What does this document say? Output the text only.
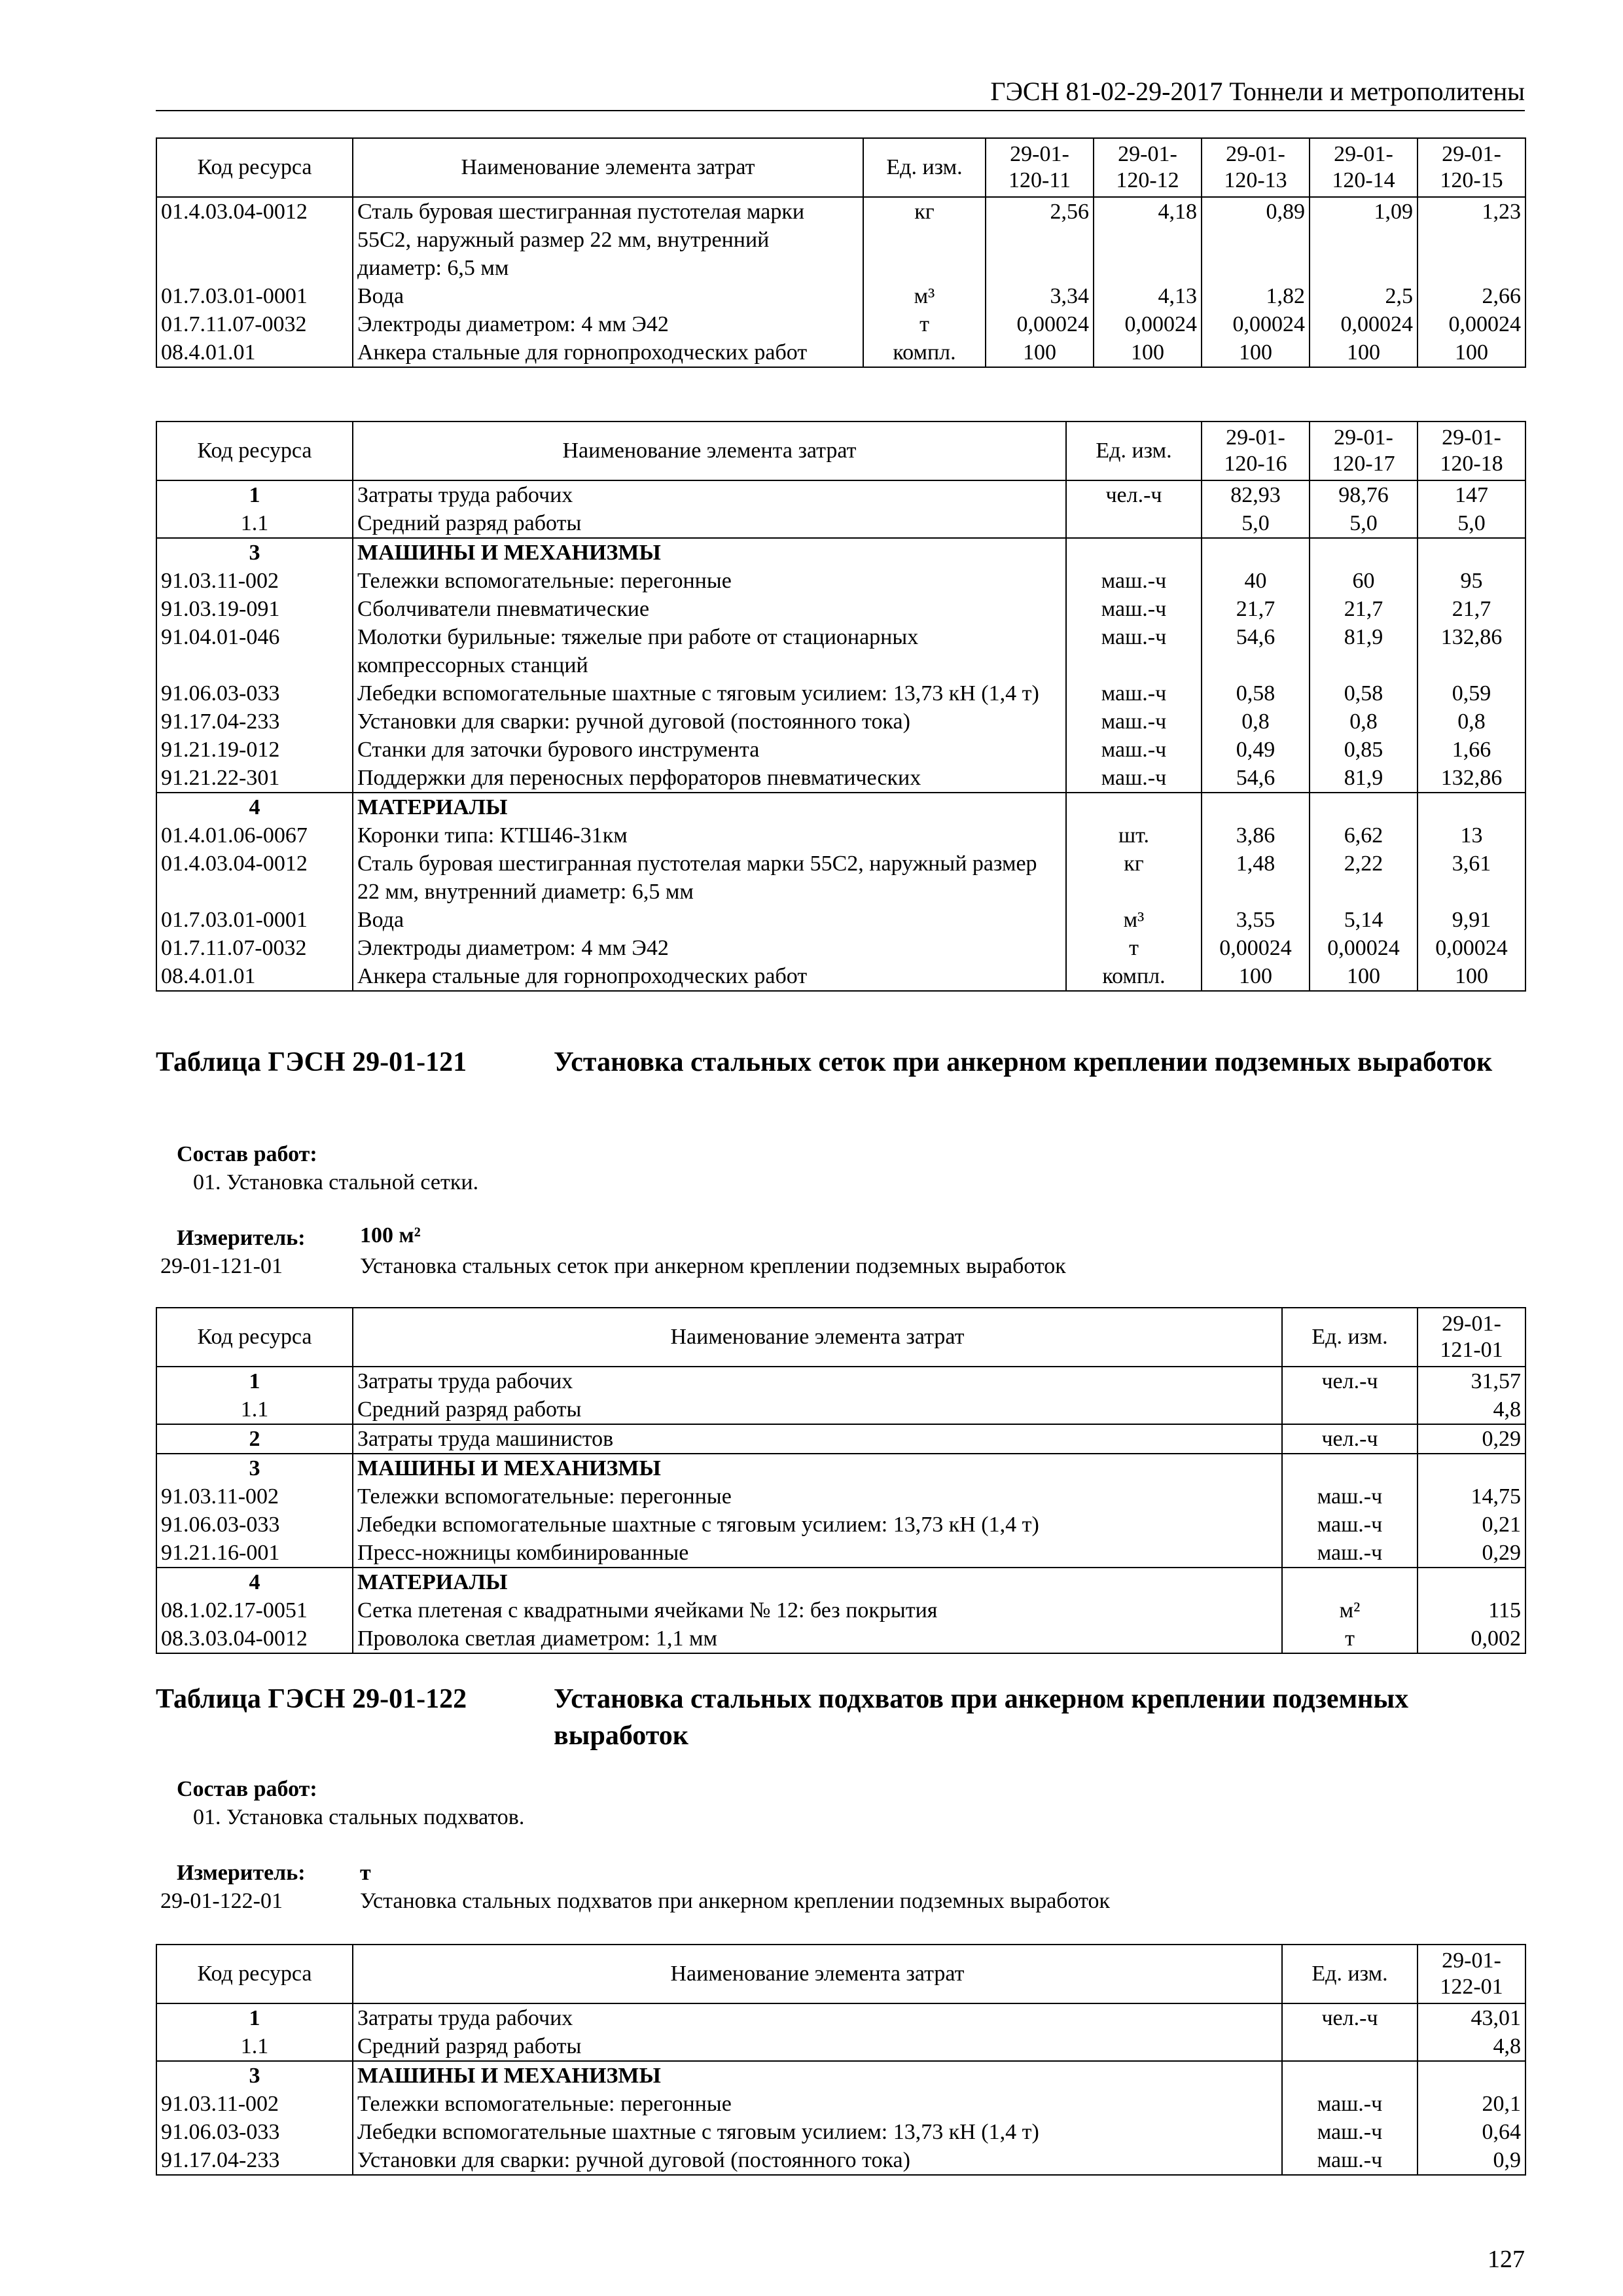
ГЭСН 81-02-29-2017 Тоннели и метрополитены
Код ресурса	Наименование элемента затрат	Ед. изм.	29-01-120-11	29-01-120-12	29-01-120-13	29-01-120-14	29-01-120-15
01.4.03.04-0012	Сталь буровая шестигранная пустотелая марки 55С2, наружный размер 22 мм, внутренний диаметр: 6,5 мм	кг	2,56	4,18	0,89	1,09	1,23
01.7.03.01-0001	Вода	м³	3,34	4,13	1,82	2,5	2,66
01.7.11.07-0032	Электроды диаметром: 4 мм Э42	т	0,00024	0,00024	0,00024	0,00024	0,00024
08.4.01.01	Анкера стальные для горнопроходческих работ	компл.	100	100	100	100	100
Код ресурса	Наименование элемента затрат	Ед. изм.	29-01-120-16	29-01-120-17	29-01-120-18
1	Затраты труда рабочих	чел.-ч	82,93	98,76	147
1.1	Средний разряд работы		5,0	5,0	5,0
3	МАШИНЫ И МЕХАНИЗМЫ				
91.03.11-002	Тележки вспомогательные: перегонные	маш.-ч	40	60	95
91.03.19-091	Сболчиватели пневматические	маш.-ч	21,7	21,7	21,7
91.04.01-046	Молотки бурильные: тяжелые при работе от стационарных компрессорных станций	маш.-ч	54,6	81,9	132,86
91.06.03-033	Лебедки вспомогательные шахтные с тяговым усилием: 13,73 кН (1,4 т)	маш.-ч	0,58	0,58	0,59
91.17.04-233	Установки для сварки: ручной дуговой (постоянного тока)	маш.-ч	0,8	0,8	0,8
91.21.19-012	Станки для заточки бурового инструмента	маш.-ч	0,49	0,85	1,66
91.21.22-301	Поддержки для переносных перфораторов пневматических	маш.-ч	54,6	81,9	132,86
4	МАТЕРИАЛЫ				
01.4.01.06-0067	Коронки типа: КТШ46-31км	шт.	3,86	6,62	13
01.4.03.04-0012	Сталь буровая шестигранная пустотелая марки 55С2, наружный размер 22 мм, внутренний диаметр: 6,5 мм	кг	1,48	2,22	3,61
01.7.03.01-0001	Вода	м³	3,55	5,14	9,91
01.7.11.07-0032	Электроды диаметром: 4 мм Э42	т	0,00024	0,00024	0,00024
08.4.01.01	Анкера стальные для горнопроходческих работ	компл.	100	100	100
Таблица ГЭСН 29-01-121	Установка стальных сеток при анкерном креплении подземных выработок
Состав работ:
01. Установка стальной сетки.
Измеритель: 100 м²
29-01-121-01	Установка стальных сеток при анкерном креплении подземных выработок
Код ресурса	Наименование элемента затрат	Ед. изм.	29-01-121-01
1	Затраты труда рабочих	чел.-ч	31,57
1.1	Средний разряд работы		4,8
2	Затраты труда машинистов	чел.-ч	0,29
3	МАШИНЫ И МЕХАНИЗМЫ		
91.03.11-002	Тележки вспомогательные: перегонные	маш.-ч	14,75
91.06.03-033	Лебедки вспомогательные шахтные с тяговым усилием: 13,73 кН (1,4 т)	маш.-ч	0,21
91.21.16-001	Пресс-ножницы комбинированные	маш.-ч	0,29
4	МАТЕРИАЛЫ		
08.1.02.17-0051	Сетка плетеная с квадратными ячейками № 12: без покрытия	м²	115
08.3.03.04-0012	Проволока светлая диаметром: 1,1 мм	т	0,002
Таблица ГЭСН 29-01-122	Установка стальных подхватов при анкерном креплении подземных выработок
Состав работ:
01. Установка стальных подхватов.
Измеритель: т
29-01-122-01	Установка стальных подхватов при анкерном креплении подземных выработок
Код ресурса	Наименование элемента затрат	Ед. изм.	29-01-122-01
1	Затраты труда рабочих	чел.-ч	43,01
1.1	Средний разряд работы		4,8
3	МАШИНЫ И МЕХАНИЗМЫ		
91.03.11-002	Тележки вспомогательные: перегонные	маш.-ч	20,1
91.06.03-033	Лебедки вспомогательные шахтные с тяговым усилием: 13,73 кН (1,4 т)	маш.-ч	0,64
91.17.04-233	Установки для сварки: ручной дуговой (постоянного тока)	маш.-ч	0,9
127
